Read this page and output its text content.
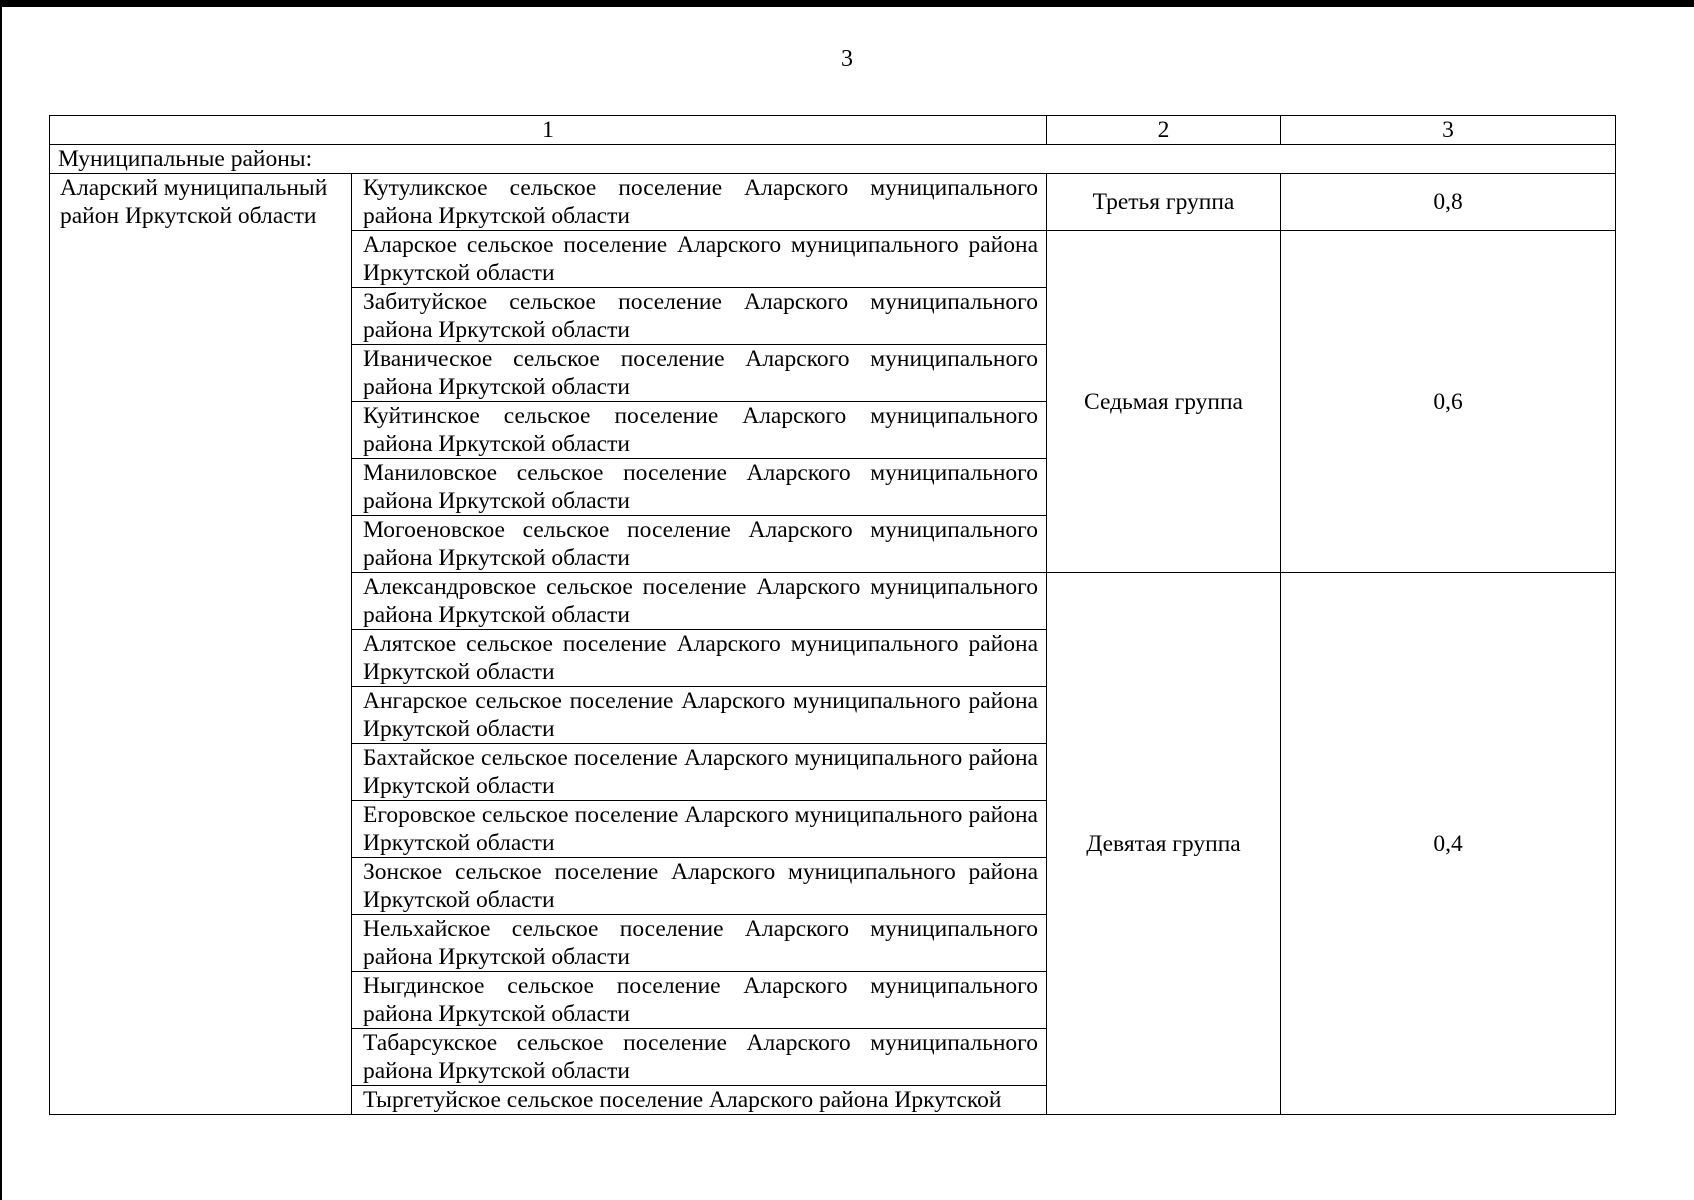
3
1		2	3
Муниципальные районы:			
Аларский муниципальный район Иркутской области	Кутуликское сельское поселение Аларского муниципального района Иркутской области	Третья группа	0,8
	Аларское сельское поселение Аларского муниципального района Иркутской области	Седьмая группа	0,6
	Забитуйское сельское поселение Аларского муниципального района Иркутской области		
	Иваническое сельское поселение Аларского муниципального района Иркутской области		
	Куйтинское сельское поселение Аларского муниципального района Иркутской области		
	Маниловское сельское поселение Аларского муниципального района Иркутской области		
	Могоеновское сельское поселение Аларского муниципального района Иркутской области		
	Александровское сельское поселение Аларского муниципального района Иркутской области	Девятая группа	0,4
	Алятское сельское поселение Аларского муниципального района Иркутской области		
	Ангарское сельское поселение Аларского муниципального района Иркутской области		
	Бахтайское сельское поселение Аларского муниципального района Иркутской области		
	Егоровское сельское поселение Аларского муниципального района Иркутской области		
	Зонское сельское поселение Аларского муниципального района Иркутской области		
	Нельхайское сельское поселение Аларского муниципального района Иркутской области		
	Ныгдинское сельское поселение Аларского муниципального района Иркутской области		
	Табарсукское сельское поселение Аларского муниципального района Иркутской области		
	Тыргетуйское сельское поселение Аларского района Иркутской		
